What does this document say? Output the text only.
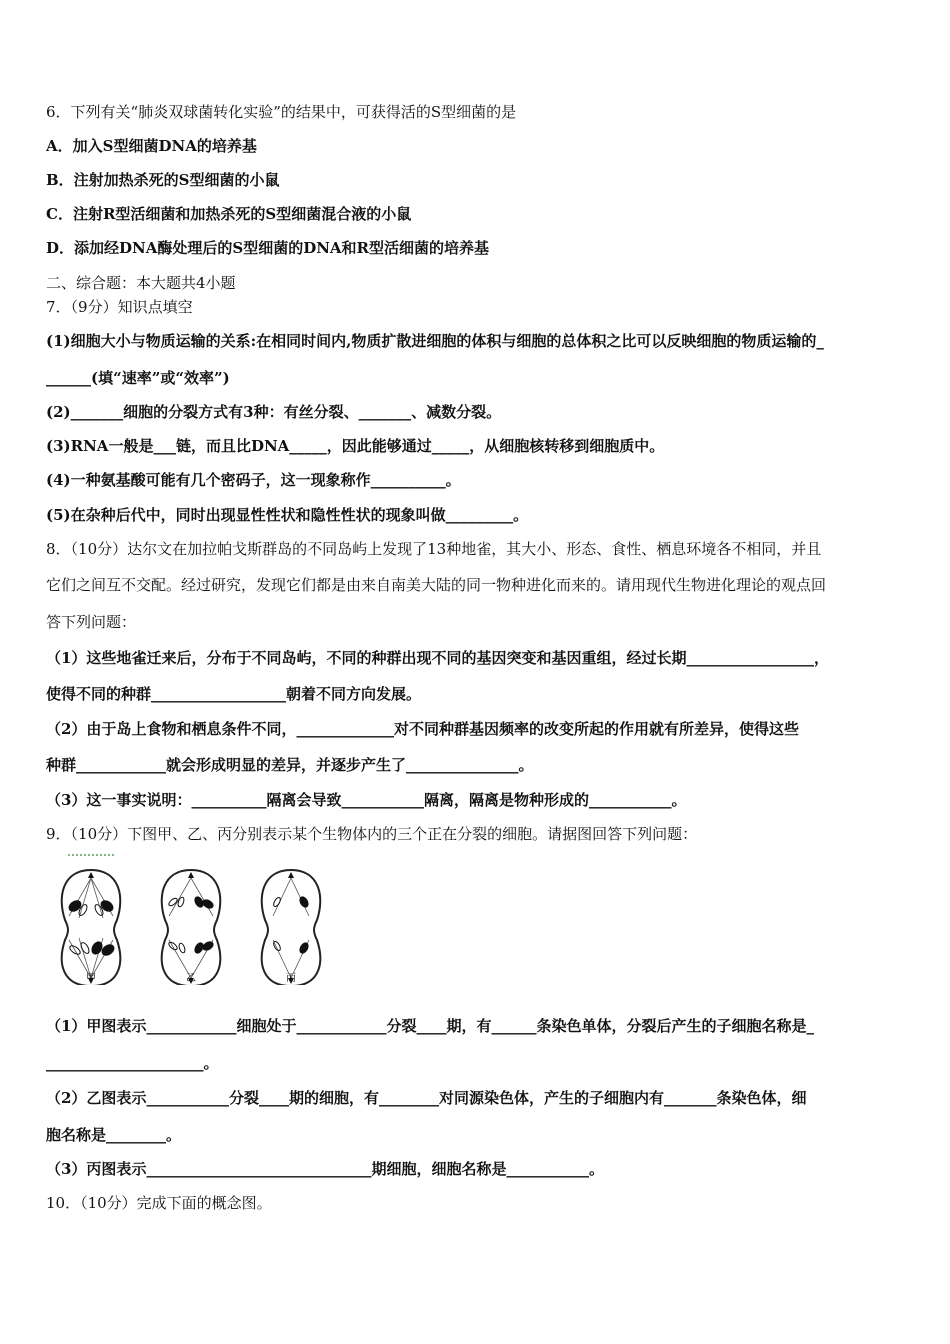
6．下列有关“肺炎双球菌转化实验”的结果中，可获得活的S型细菌的是
A．加入S型细菌DNA的培养基
B．注射加热杀死的S型细菌的小鼠
C．注射R型活细菌和加热杀死的S型细菌混合液的小鼠
D．添加经DNA酶处理后的S型细菌的DNA和R型活细菌的培养基
二、综合题：本大题共4小题
7．（9分）知识点填空
(1)细胞大小与物质运输的关系:在相同时间内,物质扩散进细胞的体积与细胞的总体积之比可以反映细胞的物质运输的_
______(填“速率”或“效率”)
(2)_______细胞的分裂方式有3种：有丝分裂、_______、减数分裂。
(3)RNA一般是___链，而且比DNA_____，因此能够通过_____，从细胞核转移到细胞质中。
(4)一种氨基酸可能有几个密码子，这一现象称作__________。
(5)在杂种后代中，同时出现显性性状和隐性性状的现象叫做_________。
8．（10分）达尔文在加拉帕戈斯群岛的不同岛屿上发现了13种地雀，其大小、形态、食性、栖息环境各不相同，并且
它们之间互不交配。经过研究，发现它们都是由来自南美大陆的同一物种进化而来的。请用现代生物进化理论的观点回
答下列问题：
（1）这些地雀迁来后，分布于不同岛屿，不同的种群出现不同的基因突变和基因重组，经过长期_________________，
使得不同的种群__________________朝着不同方向发展。
（2）由于岛上食物和栖息条件不同，_____________对不同种群基因频率的改变所起的作用就有所差异，使得这些
种群____________就会形成明显的差异，并逐步产生了_______________。
（3）这一事实说明：__________隔离会导致___________隔离，隔离是物种形成的___________。
9．（10分）下图甲、乙、丙分别表示某个生物体内的三个正在分裂的细胞。请据图回答下列问题：
甲	乙	丙
（1）甲图表示____________细胞处于____________分裂____期，有______条染色单体，分裂后产生的子细胞名称是_
_____________________。
（2）乙图表示___________分裂____期的细胞，有________对同源染色体，产生的子细胞内有_______条染色体，细
胞名称是________。
（3）丙图表示______________________________期细胞，细胞名称是___________。
10．（10分）完成下面的概念图。
